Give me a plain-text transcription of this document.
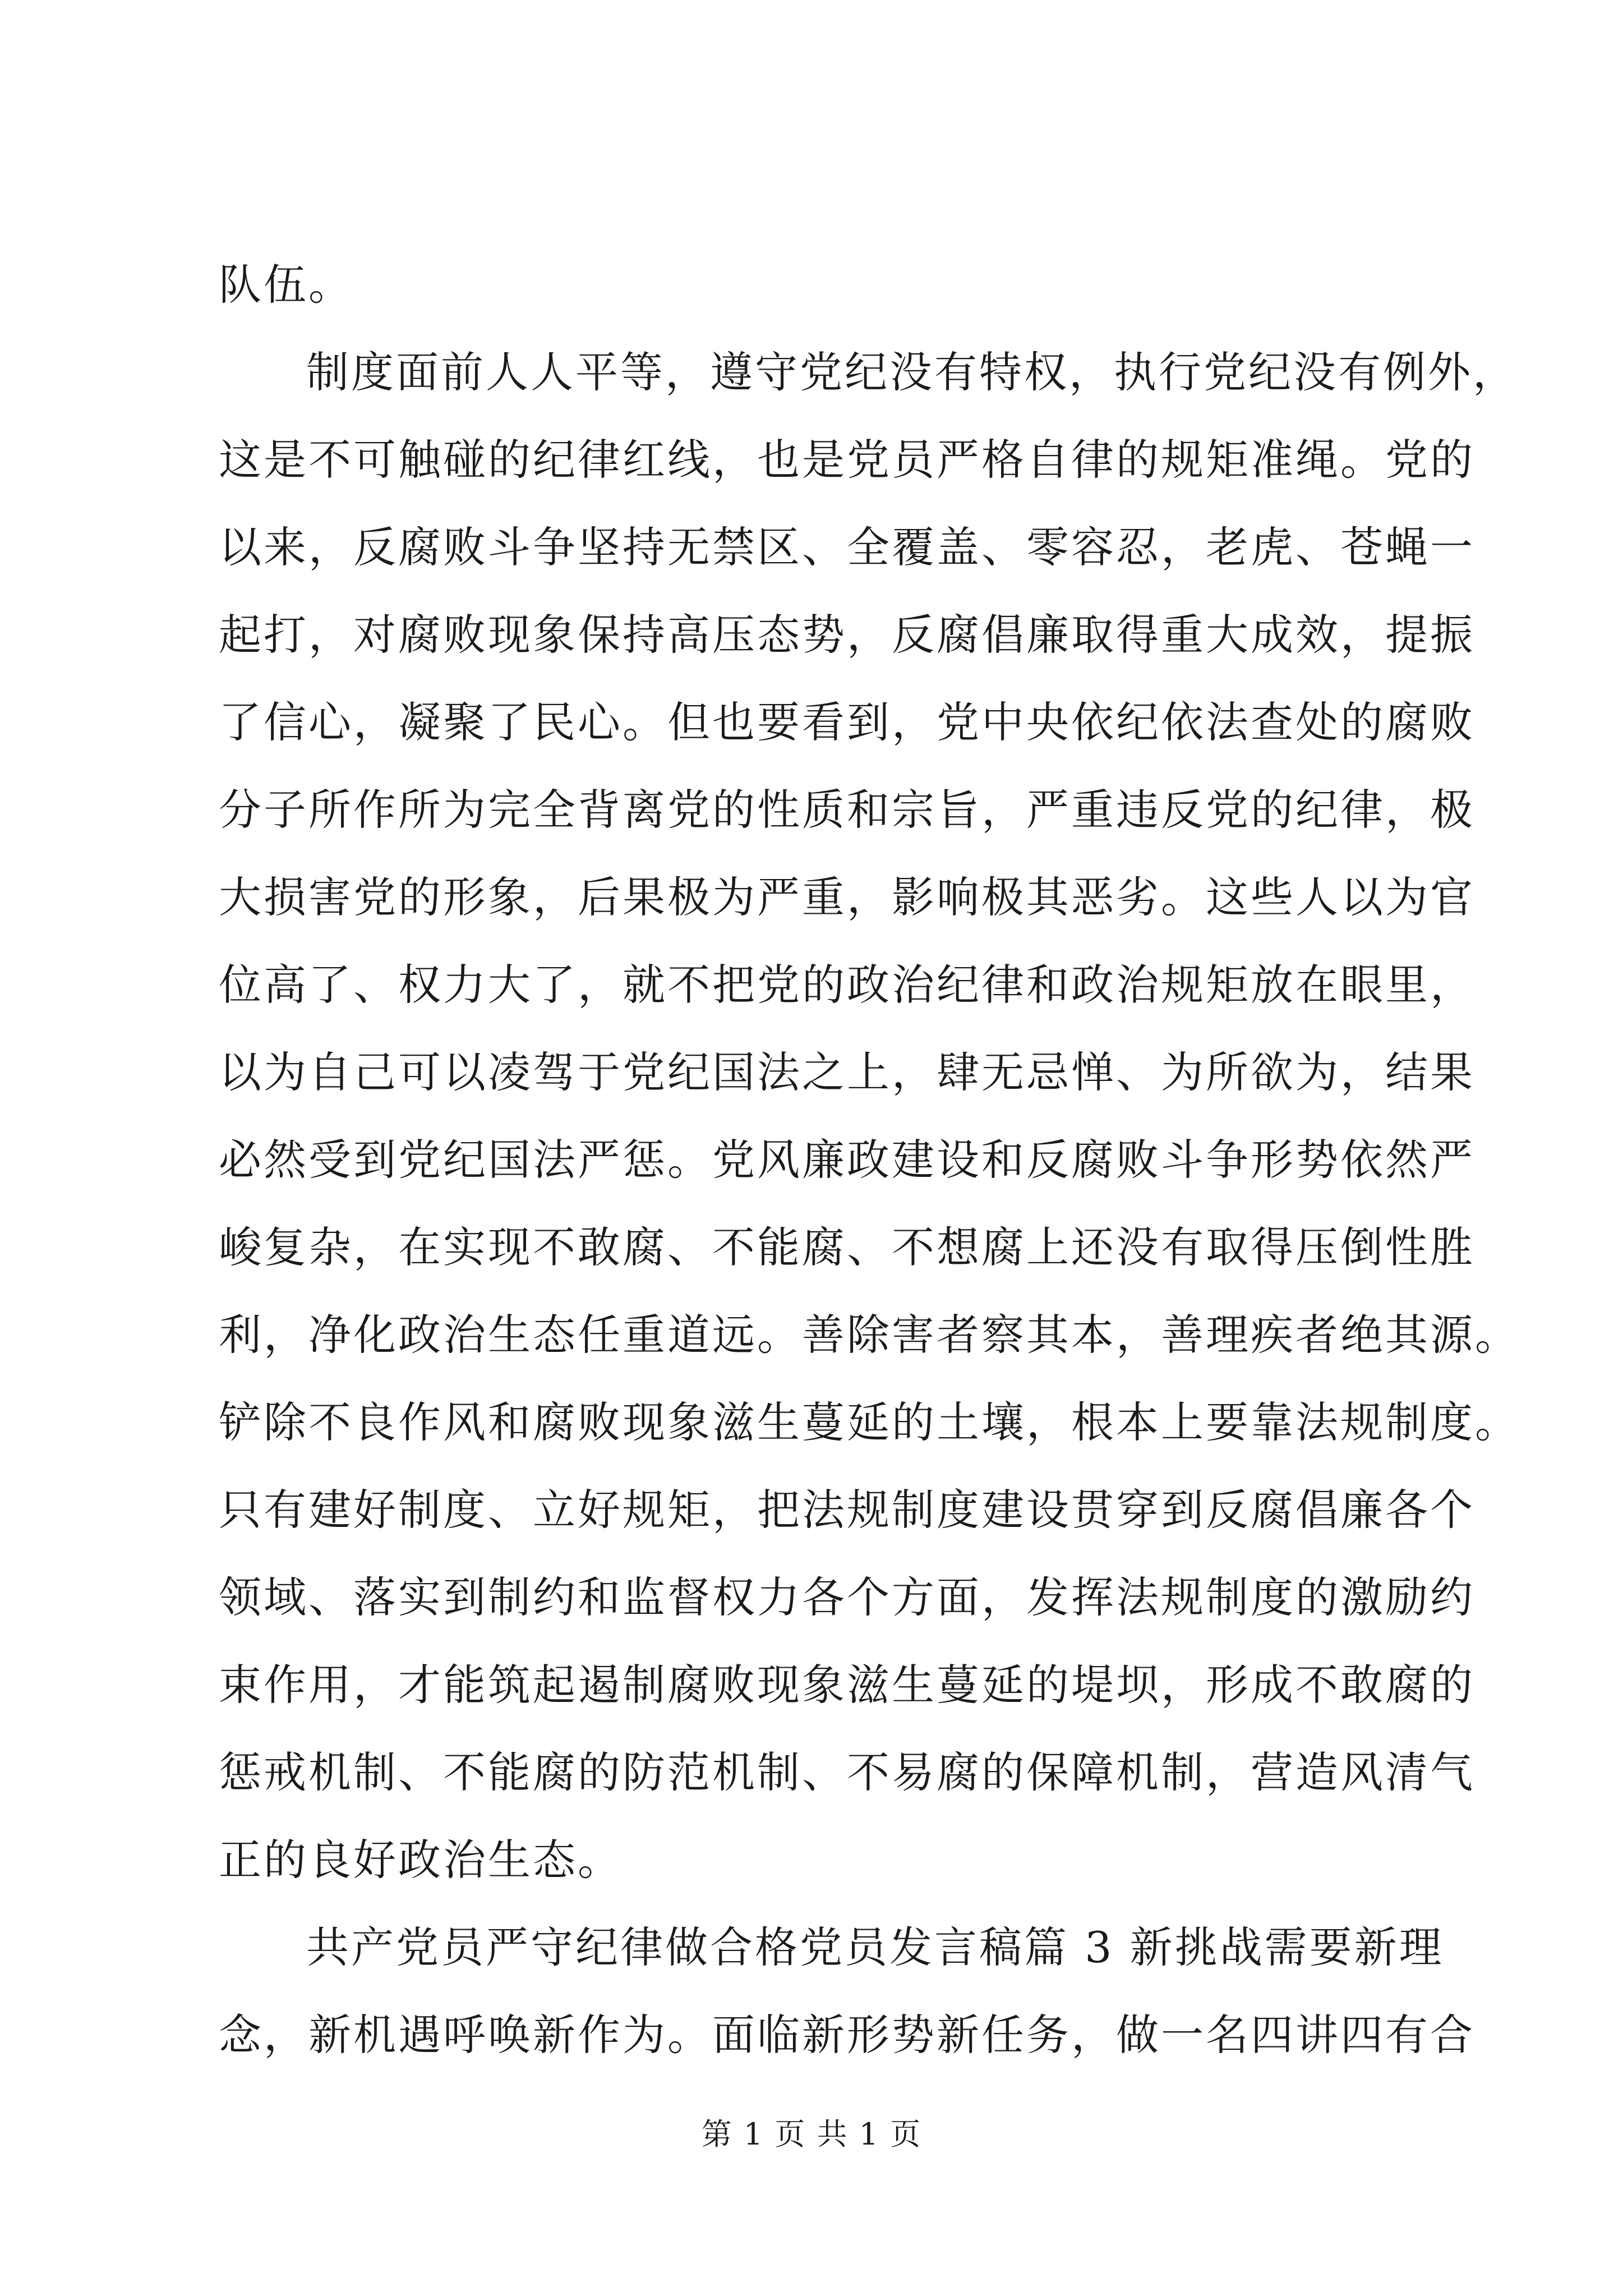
队伍。
制度面前人人平等，遵守党纪没有特权，执行党纪没有例外，
这是不可触碰的纪律红线，也是党员严格自律的规矩准绳。党的
以来，反腐败斗争坚持无禁区、全覆盖、零容忍，老虎、苍蝇一
起打，对腐败现象保持高压态势，反腐倡廉取得重大成效，提振
了信心，凝聚了民心。但也要看到，党中央依纪依法查处的腐败
分子所作所为完全背离党的性质和宗旨，严重违反党的纪律，极
大损害党的形象，后果极为严重，影响极其恶劣。这些人以为官
位高了、权力大了，就不把党的政治纪律和政治规矩放在眼里，
以为自己可以凌驾于党纪国法之上，肆无忌惮、为所欲为，结果
必然受到党纪国法严惩。党风廉政建设和反腐败斗争形势依然严
峻复杂，在实现不敢腐、不能腐、不想腐上还没有取得压倒性胜
利，净化政治生态任重道远。善除害者察其本，善理疾者绝其源。
铲除不良作风和腐败现象滋生蔓延的土壤，根本上要靠法规制度。
只有建好制度、立好规矩，把法规制度建设贯穿到反腐倡廉各个
领域、落实到制约和监督权力各个方面，发挥法规制度的激励约
束作用，才能筑起遏制腐败现象滋生蔓延的堤坝，形成不敢腐的
惩戒机制、不能腐的防范机制、不易腐的保障机制，营造风清气
正的良好政治生态。
共产党员严守纪律做合格党员发言稿篇 3 新挑战需要新理
念，新机遇呼唤新作为。面临新形势新任务，做一名四讲四有合
第 1 页 共 1 页
